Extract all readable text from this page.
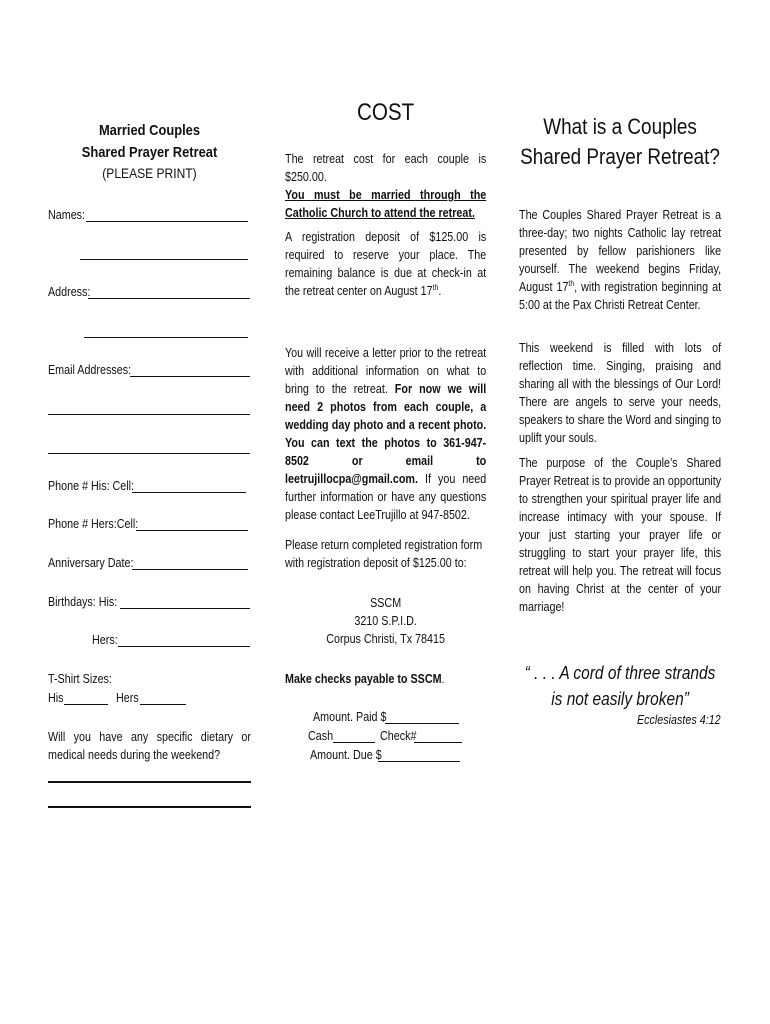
Married Couples
Shared Prayer Retreat
(PLEASE PRINT)
Names:
Address:
Email Addresses:
Phone # His: Cell:
Phone # Hers:Cell:
Anniversary Date:
Birthdays: His:
Hers:
T-Shirt Sizes:
His	Hers
Will you have any specific dietary or medical needs during the weekend?
COST
The retreat cost for each couple is $250.00.
You must be married through the Catholic Church to attend the retreat.
A registration deposit of $125.00 is required to reserve your place. The remaining balance is due at check-in at the retreat center on August 17th.
You will receive a letter prior to the retreat with additional information on what to bring to the retreat. For now we will need 2 photos from each couple, a wedding day photo and a recent photo. You can text the photos to 361-947-8502 or email to leetrujillocpa@gmail.com. If you need further information or have any questions please contact LeeTrujillo at 947-8502.
Please return completed registration form with registration deposit of $125.00 to:
SSCM
3210 S.P.I.D.
Corpus Christi, Tx 78415
Make checks payable to SSCM.
Amount. Paid $
Cash	Check#
Amount. Due $
What is a Couples Shared Prayer Retreat?
The Couples Shared Prayer Retreat is a three-day; two nights Catholic lay retreat presented by fellow parishioners like yourself. The weekend begins Friday, August 17th, with registration beginning at 5:00 at the Pax Christi Retreat Center.
This weekend is filled with lots of reflection time. Singing, praising and sharing all with the blessings of Our Lord! There are angels to serve your needs, speakers to share the Word and singing to uplift your souls.
The purpose of the Couple’s Shared Prayer Retreat is to provide an opportunity to strengthen your spiritual prayer life and increase intimacy with your spouse. If your just starting your prayer life or struggling to start your prayer life, this retreat will help you. The retreat will focus on having Christ at the center of your marriage!
“ . . . A cord of three strands is not easily broken”
Ecclesiastes 4:12
